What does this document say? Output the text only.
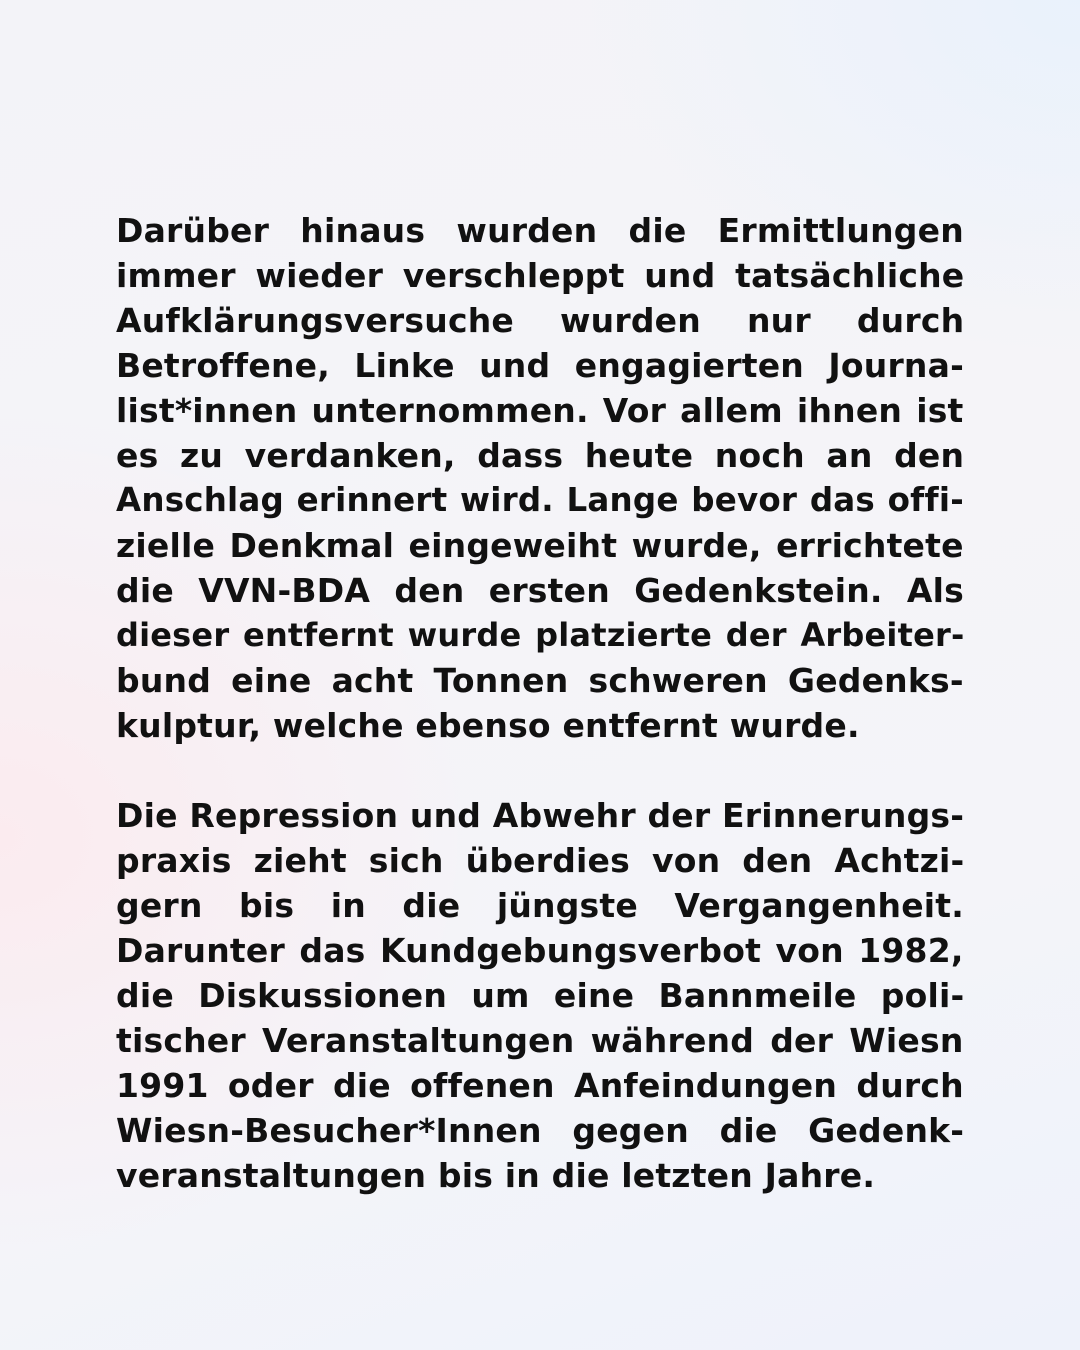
Darüber hinaus wurden die Ermittlungen
immer wieder verschleppt und tatsächliche
Aufklärungsversuche wurden nur durch
Betroffene, Linke und engagierten Journa-
list*innen unternommen. Vor allem ihnen ist
es zu verdanken, dass heute noch an den
Anschlag erinnert wird. Lange bevor das offi-
zielle Denkmal eingeweiht wurde, errichtete
die VVN-BDA den ersten Gedenkstein. Als
dieser entfernt wurde platzierte der Arbeiter-
bund eine acht Tonnen schweren Gedenks-
kulptur, welche ebenso entfernt wurde.
Die Repression und Abwehr der Erinnerungs-
praxis zieht sich überdies von den Achtzi-
gern bis in die jüngste Vergangenheit.
Darunter das Kundgebungsverbot von 1982,
die Diskussionen um eine Bannmeile poli-
tischer Veranstaltungen während der Wiesn
1991 oder die offenen Anfeindungen durch
Wiesn-Besucher*Innen gegen die Gedenk-
veranstaltungen bis in die letzten Jahre.
